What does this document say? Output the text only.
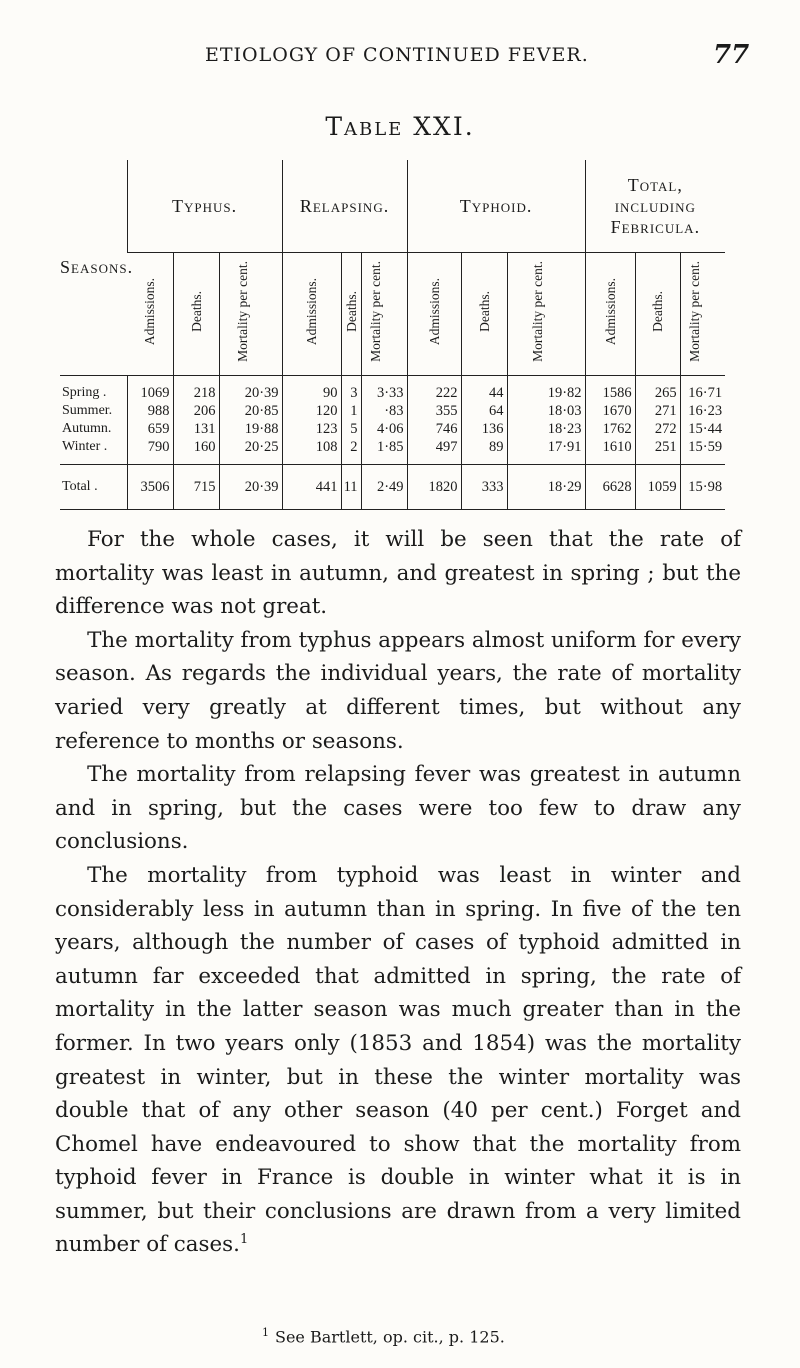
ETIOLOGY OF CONTINUED FEVER.	77
Table XXI.
Seasons.	Typhus.			Relapsing.			Typhoid.			Total, including Febricula.		
	Admissions.	Deaths.	Mortality per cent.	Admissions.	Deaths.	Mortality per cent.	Admissions.	Deaths.	Mortality per cent.	Admissions.	Deaths.	Mortality per cent.
Spring .	1069	218	20·39	90	3	3·33	222	44	19·82	1586	265	16·71
Summer.	988	206	20·85	120	1	·83	355	64	18·03	1670	271	16·23
Autumn.	659	131	19·88	123	5	4·06	746	136	18·23	1762	272	15·44
Winter .	790	160	20·25	108	2	1·85	497	89	17·91	1610	251	15·59
Total .	3506	715	20·39	441	11	2·49	1820	333	18·29	6628	1059	15·98

For the whole cases, it will be seen that the rate of mortality was least in autumn, and greatest in spring ; but the difference was not great.

The mortality from typhus appears almost uniform for every season. As regards the individual years, the rate of mortality varied very greatly at different times, but without any reference to months or seasons.

The mortality from relapsing fever was greatest in autumn and in spring, but the cases were too few to draw any conclusions.

The mortality from typhoid was least in winter and considerably less in autumn than in spring. In five of the ten years, although the number of cases of typhoid admitted in autumn far exceeded that admitted in spring, the rate of mortality in the latter season was much greater than in the former. In two years only (1853 and 1854) was the mortality greatest in winter, but in these the winter mortality was double that of any other season (40 per cent.) Forget and Chomel have endeavoured to show that the mortality from typhoid fever in France is double in winter what it is in summer, but their conclusions are drawn from a very limited number of cases.$^1$

$^1$ See Bartlett, op. cit., p. 125.
